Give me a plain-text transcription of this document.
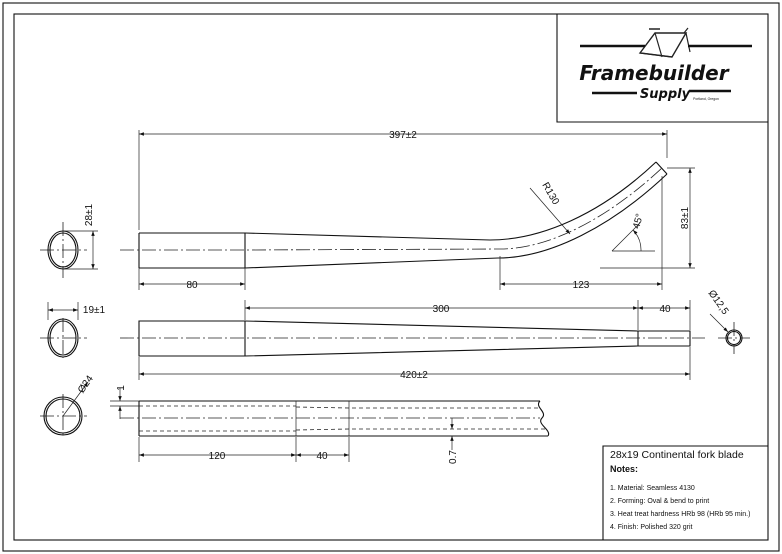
Framebuilder
Supply Portland, Oregon
28±1
19±1
Ø24
397±2
R130
45°	83±1
80	123
300	40
420±2
Ø12,5
1
120	40	0.7	28x19 Continental fork blade
Notes:
1. Material: Seamless 4130
2. Forming: Oval & bend to print
3. Heat treat hardness HRb 98 (HRb 95 min.)
4. Finish: Polished 320 grit
